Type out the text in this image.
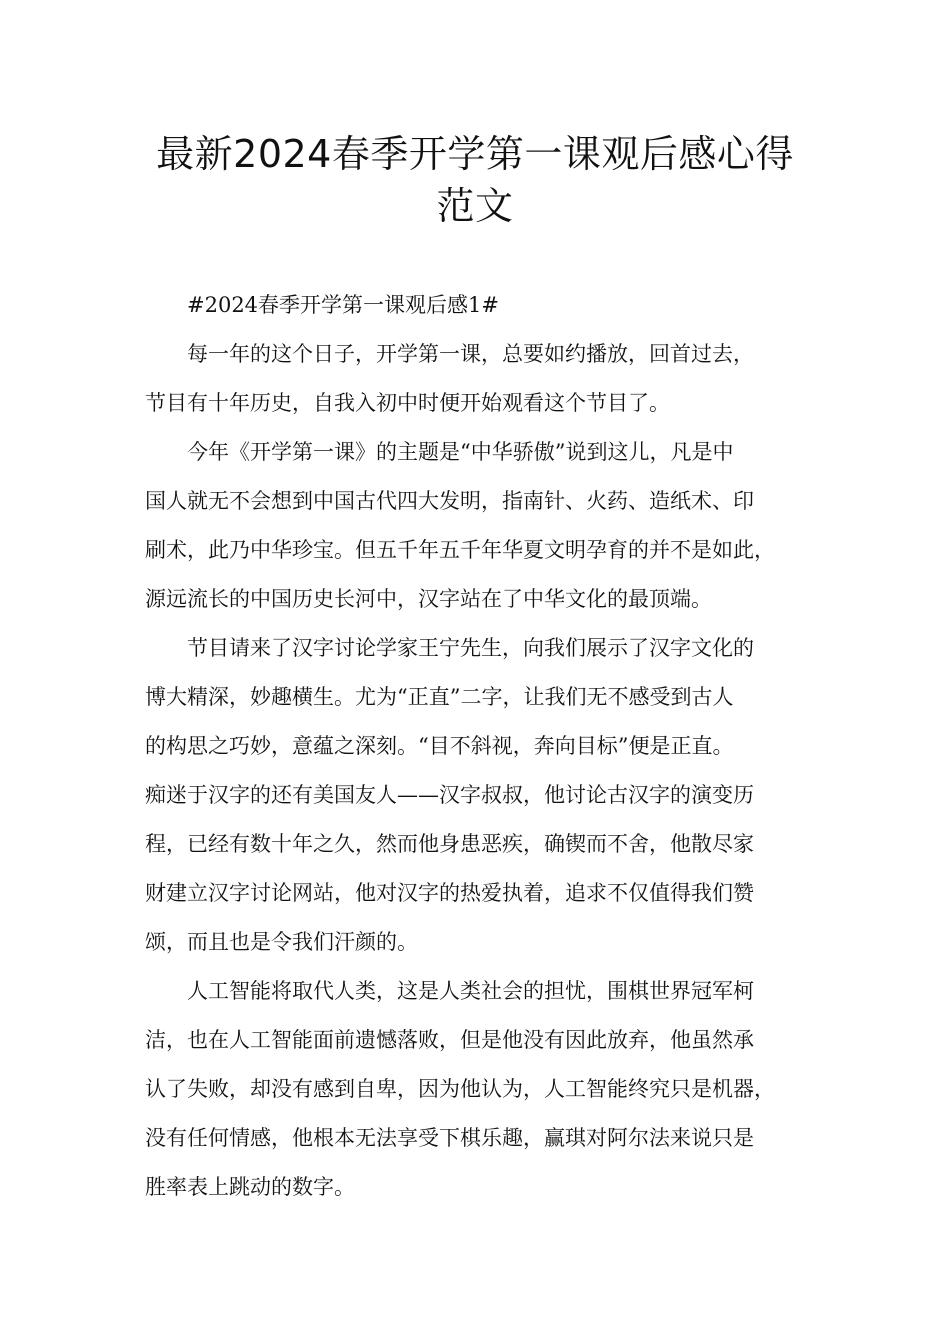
最新2024春季开学第一课观后感心得
范文

#2024春季开学第一课观后感1#

每一年的这个日子，开学第一课，总要如约播放，回首过去，
节目有十年历史，自我入初中时便开始观看这个节目了。

今年《开学第一课》的主题是“中华骄傲”说到这儿，凡是中
国人就无不会想到中国古代四大发明，指南针、火药、造纸术、印
刷术，此乃中华珍宝。但五千年五千年华夏文明孕育的并不是如此，
源远流长的中国历史长河中，汉字站在了中华文化的最顶端。

节目请来了汉字讨论学家王宁先生，向我们展示了汉字文化的
博大精深，妙趣横生。尤为“正直”二字，让我们无不感受到古人
的构思之巧妙，意蕴之深刻。“目不斜视，奔向目标”便是正直。
痴迷于汉字的还有美国友人——汉字叔叔，他讨论古汉字的演变历
程，已经有数十年之久，然而他身患恶疾，确锲而不舍，他散尽家
财建立汉字讨论网站，他对汉字的热爱执着，追求不仅值得我们赞
颂，而且也是令我们汗颜的。

人工智能将取代人类，这是人类社会的担忧，围棋世界冠军柯
洁，也在人工智能面前遗憾落败，但是他没有因此放弃，他虽然承
认了失败，却没有感到自卑，因为他认为，人工智能终究只是机器，
没有任何情感，他根本无法享受下棋乐趣，赢琪对阿尔法来说只是
胜率表上跳动的数字。
